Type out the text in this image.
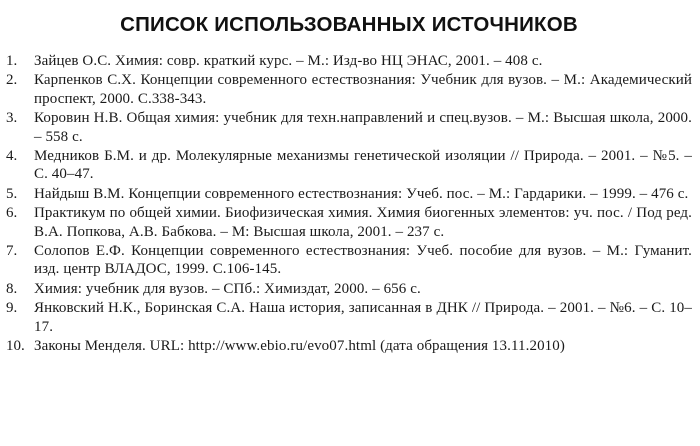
СПИСОК ИСПОЛЬЗОВАННЫХ ИСТОЧНИКОВ
1.	Зайцев О.С. Химия: совр. краткий курс. – М.: Изд-во НЦ ЭНАС, 2001. – 408 с.
2.	Карпенков С.Х. Концепции современного естествознания: Учебник для вузов. – М.: Академический проспект, 2000. С.338-343.
3.	Коровин Н.В. Общая химия: учебник для техн.направлений и спец.вузов. – М.: Высшая школа, 2000. – 558 с.
4.	Медников Б.М. и др. Молекулярные механизмы генетической изоляции // Природа. – 2001. – №5. – С. 40–47.
5.	Найдыш В.М. Концепции современного естествознания: Учеб. пос. – М.: Гардарики. – 1999. – 476 с.
6.	Практикум по общей химии. Биофизическая химия. Химия биогенных элементов: уч. пос. / Под ред. В.А. Попкова, А.В. Бабкова. – М: Высшая школа, 2001. – 237 с.
7.	Солопов Е.Ф. Концепции современного естествознания: Учеб. пособие для вузов. – М.: Гуманит. изд. центр ВЛАДОС, 1999. С.106-145.
8.	Химия: учебник для вузов. – СПб.: Химиздат, 2000. – 656 с.
9.	Янковский Н.К., Боринская С.А. Наша история, записанная в ДНК // Природа. – 2001. – №6. – С. 10–17.
10. Законы Менделя. URL: http://www.ebio.ru/evo07.html (дата обращения 13.11.2010)
